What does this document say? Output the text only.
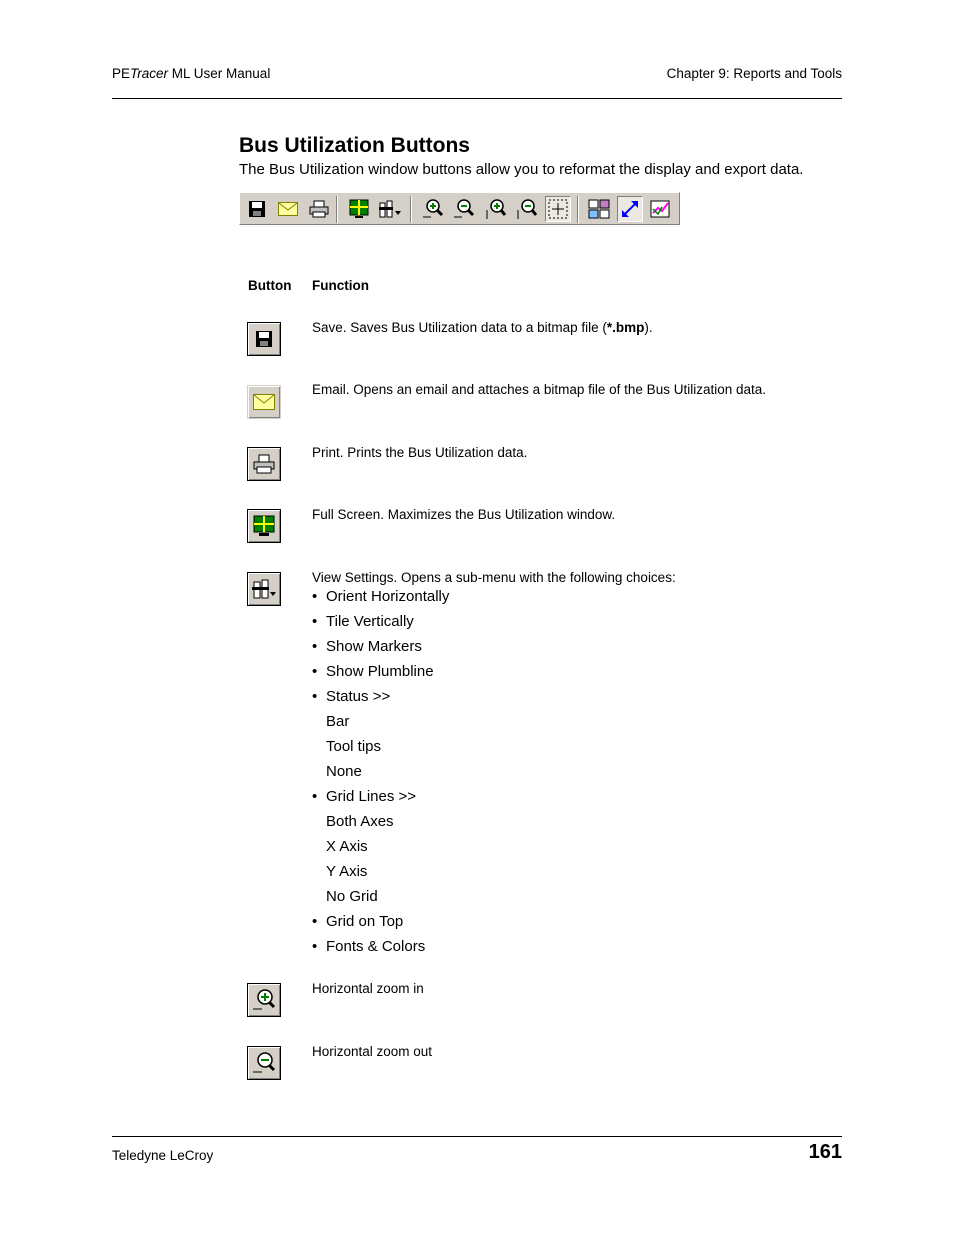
PETracer ML User Manual	Chapter 9: Reports and Tools
Bus Utilization Buttons
The Bus Utilization window buttons allow you to reformat the display and export data.
Button Function
Save. Saves Bus Utilization data to a bitmap file (*.bmp).
Email. Opens an email and attaches a bitmap file of the Bus Utilization data.
Print. Prints the Bus Utilization data.
Full Screen. Maximizes the Bus Utilization window.
View Settings. Opens a sub-menu with the following choices:
• Orient Horizontally
• Tile Vertically
• Show Markers
• Show Plumbline
• Status >>
Bar
Tool tips
None
• Grid Lines >>
Both Axes
X Axis
Y Axis
No Grid
• Grid on Top
• Fonts & Colors
Horizontal zoom in
Horizontal zoom out
Teledyne LeCroy	161
